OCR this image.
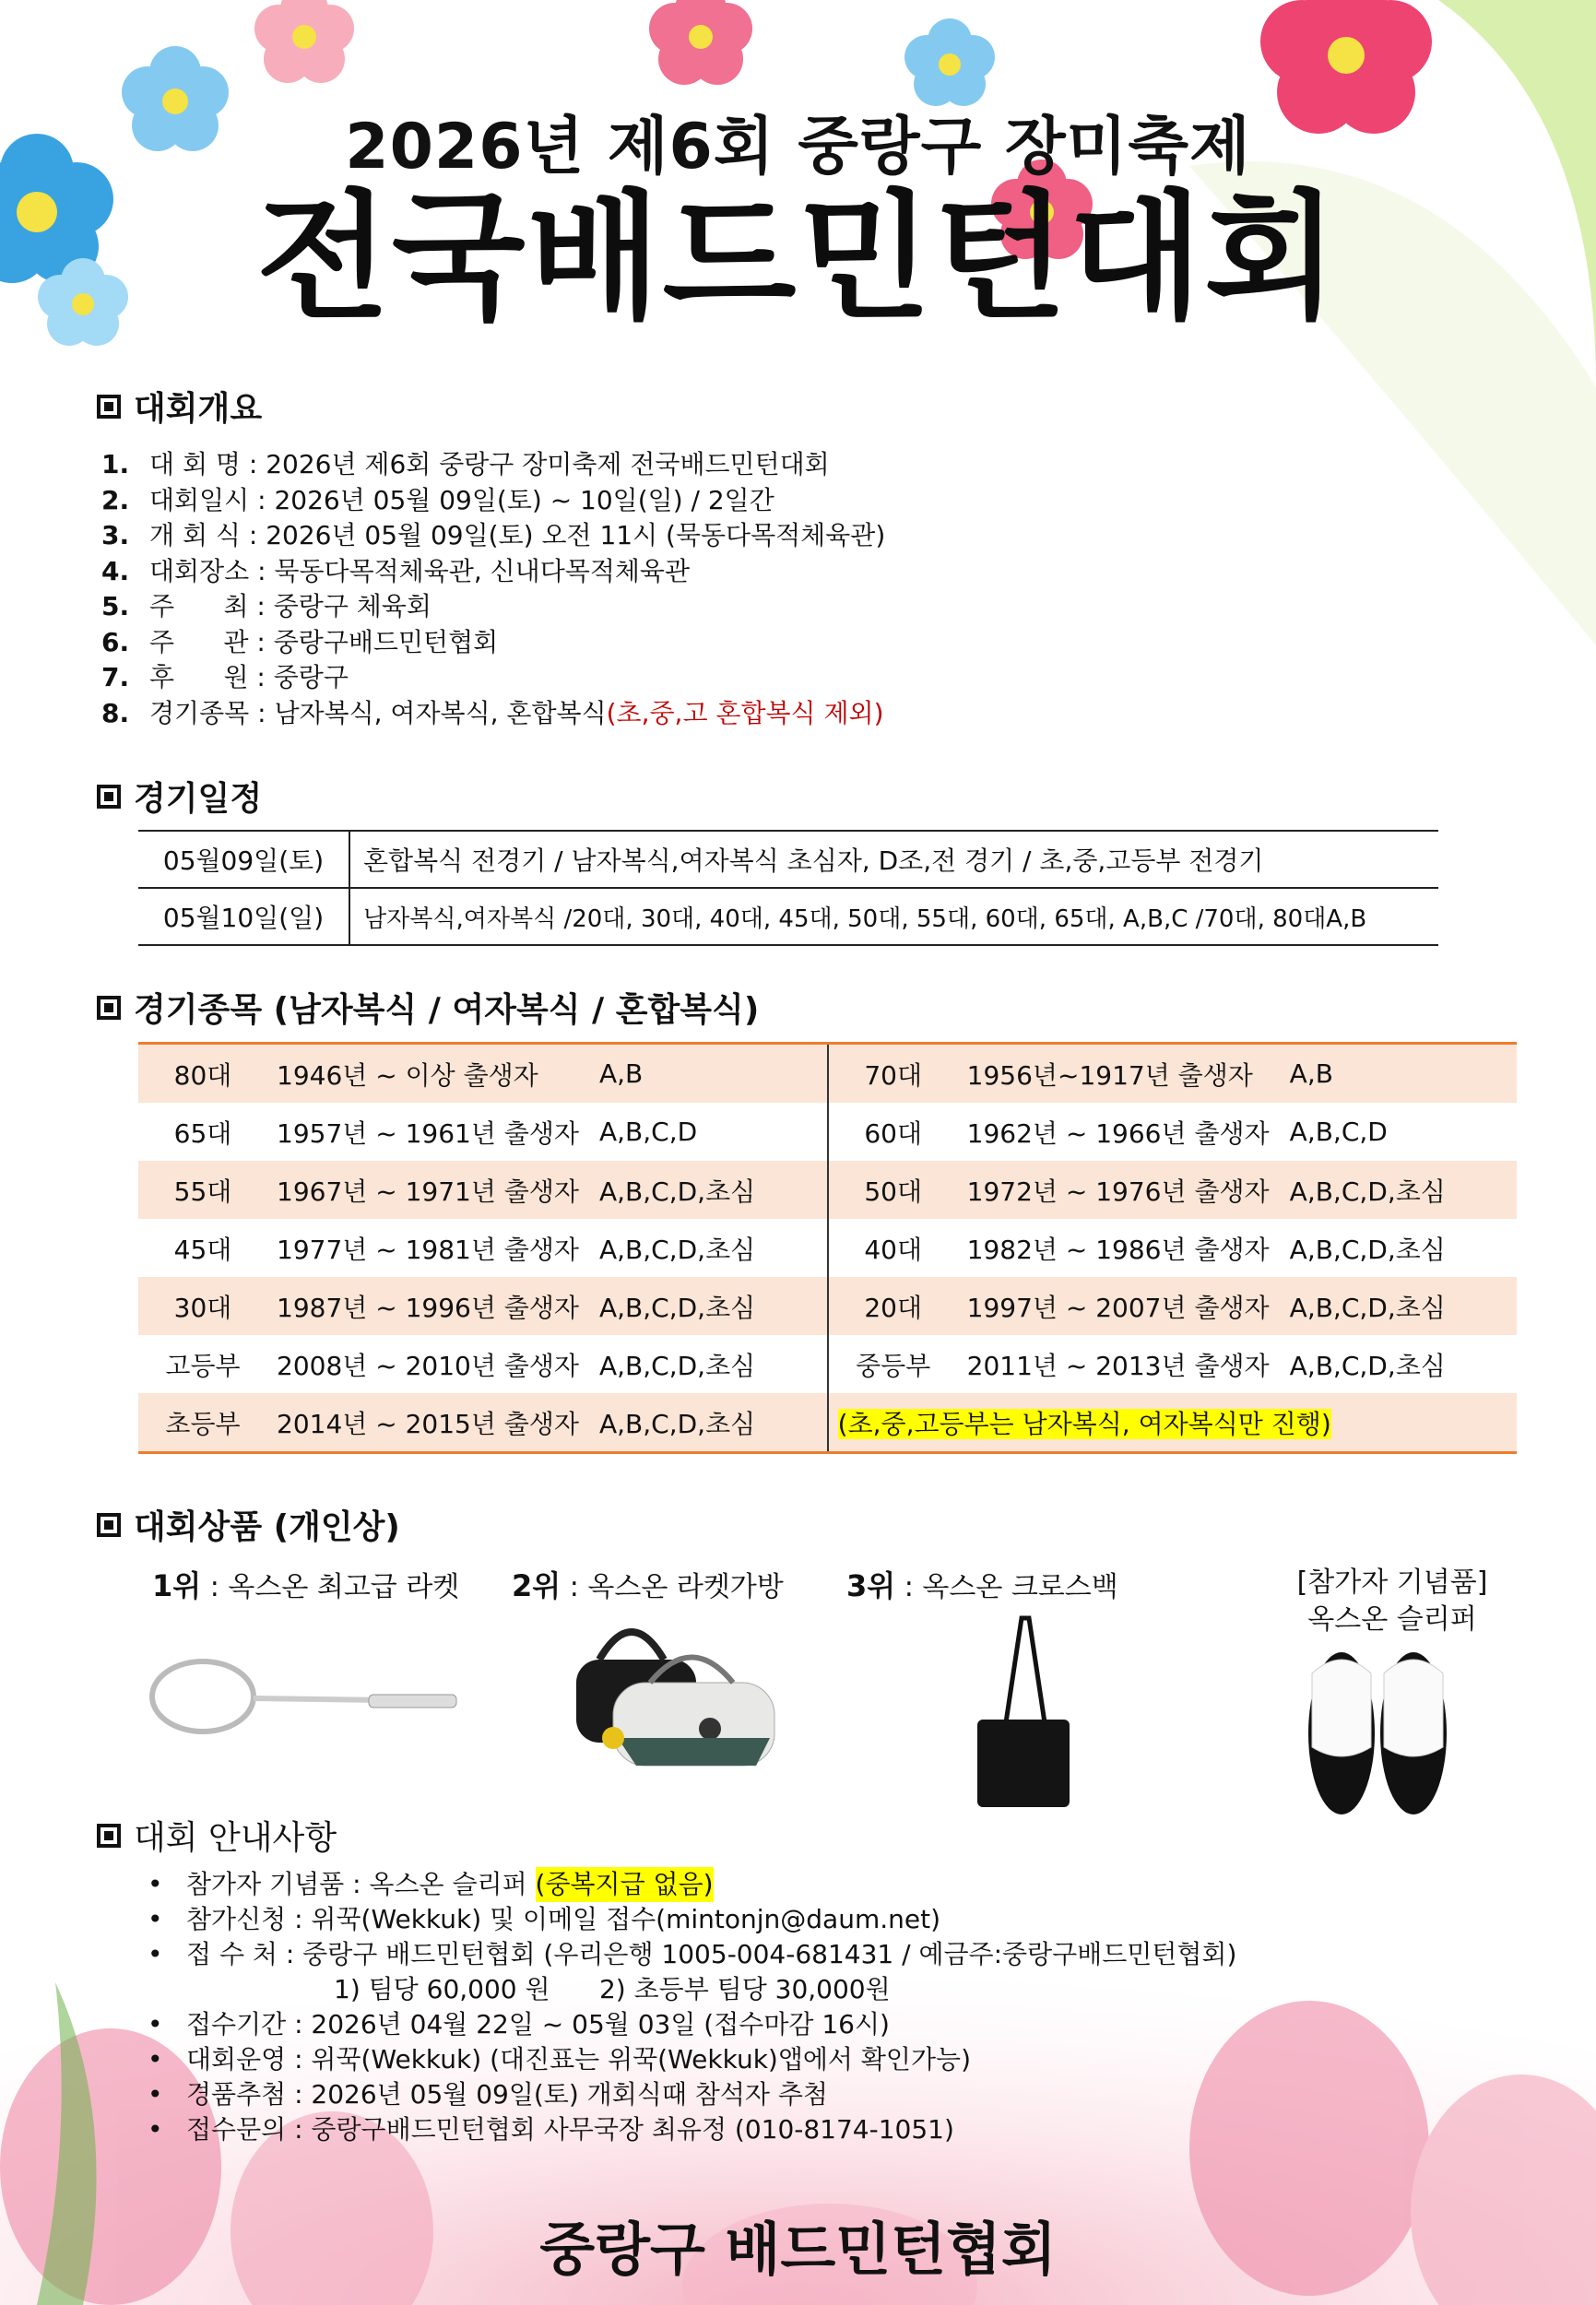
2026년 제6회 중랑구 장미축제
전국배드민턴대회
대회개요
1. 대 회 명 : 2026년 제6회 중랑구 장미축제 전국배드민턴대회
2. 대회일시 : 2026년 05월 09일(토) ~ 10일(일) / 2일간
3. 개 회 식 : 2026년 05월 09일(토) 오전 11시 (묵동다목적체육관)
4. 대회장소 : 묵동다목적체육관, 신내다목적체육관
5. 주      최 : 중랑구 체육회
6. 주      관 : 중랑구배드민턴협회
7. 후      원 : 중랑구
8. 경기종목 : 남자복식, 여자복식, 혼합복식 (초,중,고 혼합복식 제외)
경기일정
05월09일(토)	혼합복식 전경기 / 남자복식,여자복식 초심자, D조,전 경기 / 초,중,고등부 전경기
05월10일(일)	남자복식,여자복식 /20대, 30대, 40대, 45대, 50대, 55대, 60대, 65대, A,B,C /70대, 80대A,B
경기종목 (남자복식 / 여자복식 / 혼합복식)
80대	1946년 ~ 이상 출생자	A,B	70대	1956년~1917년 출생자	A,B
65대	1957년 ~ 1961년 출생자	A,B,C,D	60대	1962년 ~ 1966년 출생자	A,B,C,D
55대	1967년 ~ 1971년 출생자	A,B,C,D,초심	50대	1972년 ~ 1976년 출생자	A,B,C,D,초심
45대	1977년 ~ 1981년 출생자	A,B,C,D,초심	40대	1982년 ~ 1986년 출생자	A,B,C,D,초심
30대	1987년 ~ 1996년 출생자	A,B,C,D,초심	20대	1997년 ~ 2007년 출생자	A,B,C,D,초심
고등부	2008년 ~ 2010년 출생자	A,B,C,D,초심	중등부	2011년 ~ 2013년 출생자	A,B,C,D,초심
초등부	2014년 ~ 2015년 출생자	A,B,C,D,초심	(초,중,고등부는 남자복식, 여자복식만 진행)		
대회상품 (개인상)
1위 : 옥스온 최고급 라켓 2위 : 옥스온 라켓가방 3위 : 옥스온 크로스백	[참가자 기념품]
옥스온 슬리퍼
대회 안내사항
• 참가자 기념품 : 옥스온 슬리퍼 (중복지급 없음)
• 참가신청 : 위꾹(Wekkuk) 및 이메일 접수(mintonjn@daum.net)
• 접 수 처 : 중랑구 배드민턴협회 (우리은행 1005-004-681431 / 예금주:중랑구배드민턴협회)
1) 팀당 60,000 원      2) 초등부 팀당 30,000원
• 접수기간 : 2026년 04월 22일 ~ 05월 03일 (접수마감 16시)
• 대회운영 : 위꾹(Wekkuk) (대진표는 위꾹(Wekkuk)앱에서 확인가능)
• 경품추첨 : 2026년 05월 09일(토) 개회식때 참석자 추첨
• 접수문의 : 중랑구배드민턴협회 사무국장 최유정 (010-8174-1051)
중랑구 배드민턴협회
